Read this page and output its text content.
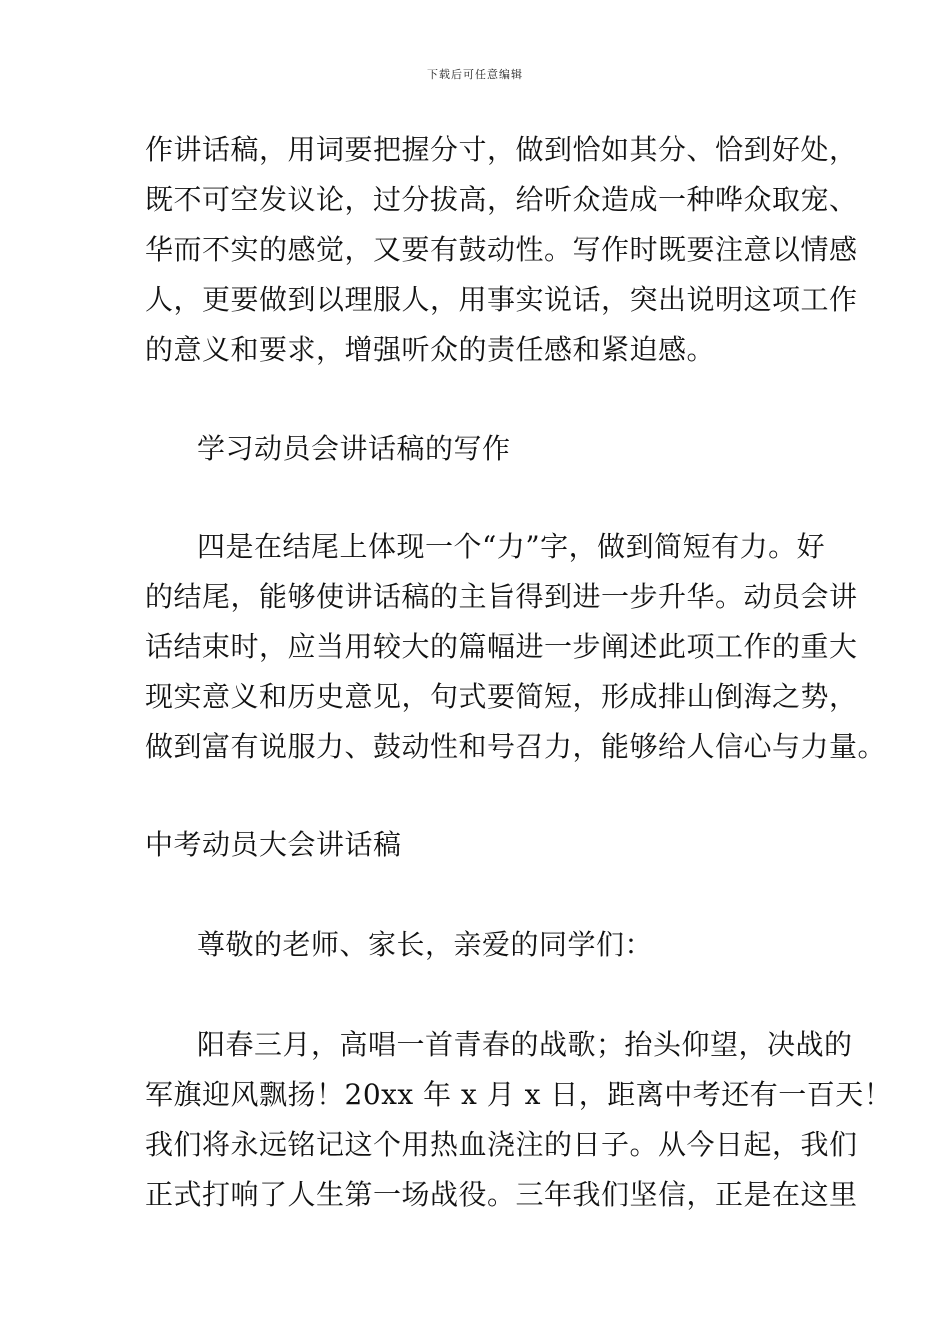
下载后可任意编辑
作讲话稿，用词要把握分寸，做到恰如其分、恰到好处，
既不可空发议论，过分拔高，给听众造成一种哗众取宠、
华而不实的感觉，又要有鼓动性。写作时既要注意以情感
人，更要做到以理服人，用事实说话，突出说明这项工作
的意义和要求，增强听众的责任感和紧迫感。
学习动员会讲话稿的写作
四是在结尾上体现一个“力”字，做到简短有力。好
的结尾，能够使讲话稿的主旨得到进一步升华。动员会讲
话结束时，应当用较大的篇幅进一步阐述此项工作的重大
现实意义和历史意见，句式要简短，形成排山倒海之势，
做到富有说服力、鼓动性和号召力，能够给人信心与力量。
中考动员大会讲话稿
尊敬的老师、家长，亲爱的同学们：
阳春三月，高唱一首青春的战歌；抬头仰望，决战的
军旗迎风飘扬！20xx 年 x 月 x 日，距离中考还有一百天！
我们将永远铭记这个用热血浇注的日子。从今日起，我们
正式打响了人生第一场战役。三年我们坚信，正是在这里
